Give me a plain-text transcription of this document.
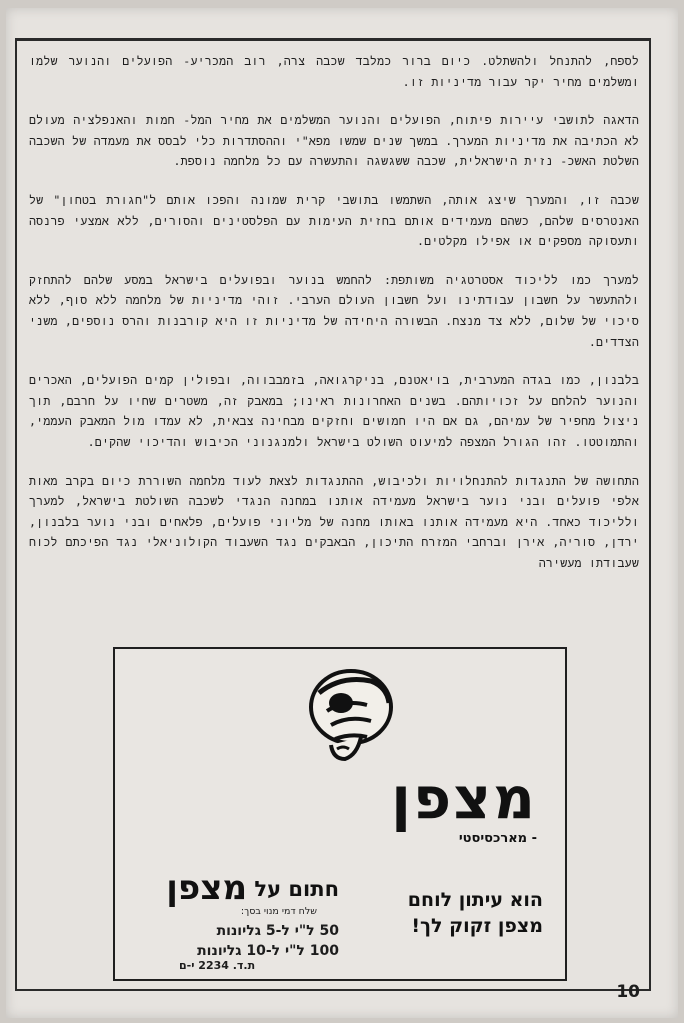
לספח, להתנחל ולהשתלט. כיום ברור כמלבד שכבה צרה, רוב המכריע- הפועלים והנוער שלמו ומשלמים מחיר יקר עבור מדיניות זו.

הדאגה לתושבי עיירות פיתוח, הפועלים והנוער המשלמים את מחיר המל- חמות והאנפלציה מעולם לא הכתיבה את מדיניות המערך. במשך שנים שמשו מפא"י וההסתדרות כלי לבסס את מעמדה של השכבה השלטת האשכ- נזית הישראלית, שכבה ששגשגה והתעשרה עם כל מלחמה נוספת.

שכבה זו, והמערך שיצג אותה, השתמשו בתושבי קרית שמונה והפכו אותם ל"חגורת בטחון" של האנטרסים שלהם, כשהם מעמידים אותם בחזית העימות עם הפלסטינים והסורים, ללא אמצעי פרנסה ותעסוקה מספקים או אפילו מקלטים.

למערך כמו לליכוד אסטרטגיה משותפת: להחמש בנוער ובפועלים בישראל במסע שלהם להתחזק ולהתעשר על חשבון עבודתינו ועל חשבון העולם הערבי. זוהי מדיניות של מלחמה ללא סוף, ללא סיכוי של שלום, ללא צד מנצח. הבשורה היחידה של מדיניות זו היא קורבנות והרס נוספים, משני הצדדים.

בלבנון, כמו בגדה המערבית, בויאטנם, בניקרגואה, בזמבבווה, ובפולין קמים הפועלים, האכרים והנוער להלחם על זכויותהם. בשנים האחרונות ראינו; במאבק זה, משטרים שחיו על חרבם, תוך ניצול מחפיר של עמיהם, גם אם היו חמושים וחזקים מבחינה צבאית, לא עמדו מול המאבק העממי, והתמוטטו. זהו הגורל המצפה למיעוט השולט בישראל ולמנגנוני הכיבוש והדיכוי שהקים.

התחושה של התנגדות להתנחלויות ולכיבוש, ההתנגדות לצאת לעוד מלחמה השוררת כיום בקרב מאות אלפי פועלים ובני נוער בישראל מעמידה אותנו במחנה הנגדי לשכבה השולטת בישראל, למערך ולליכוד כאחד. היא מעמידה אותנו באותו מחנה של מליוני פועלים, פלאחים ובני נוער בלבנון, ירדן, סוריה, אירן וברחבי המזרח התיכון, הבאבקים נגד השעבוד הקולוניאלי נגד הפיכתם לכוח שעבודתו מעשירה

מצפן
- מארכסיסטי
הוא עיתון לוחם
מצפן זקוק לך!
חתום על מצפן
שלח דמי מנוי בסך:
50 ל"י ל-5 גליונות
100 ל"י ל-10 גליונות
ת.ד. 2234 י-ם
10
